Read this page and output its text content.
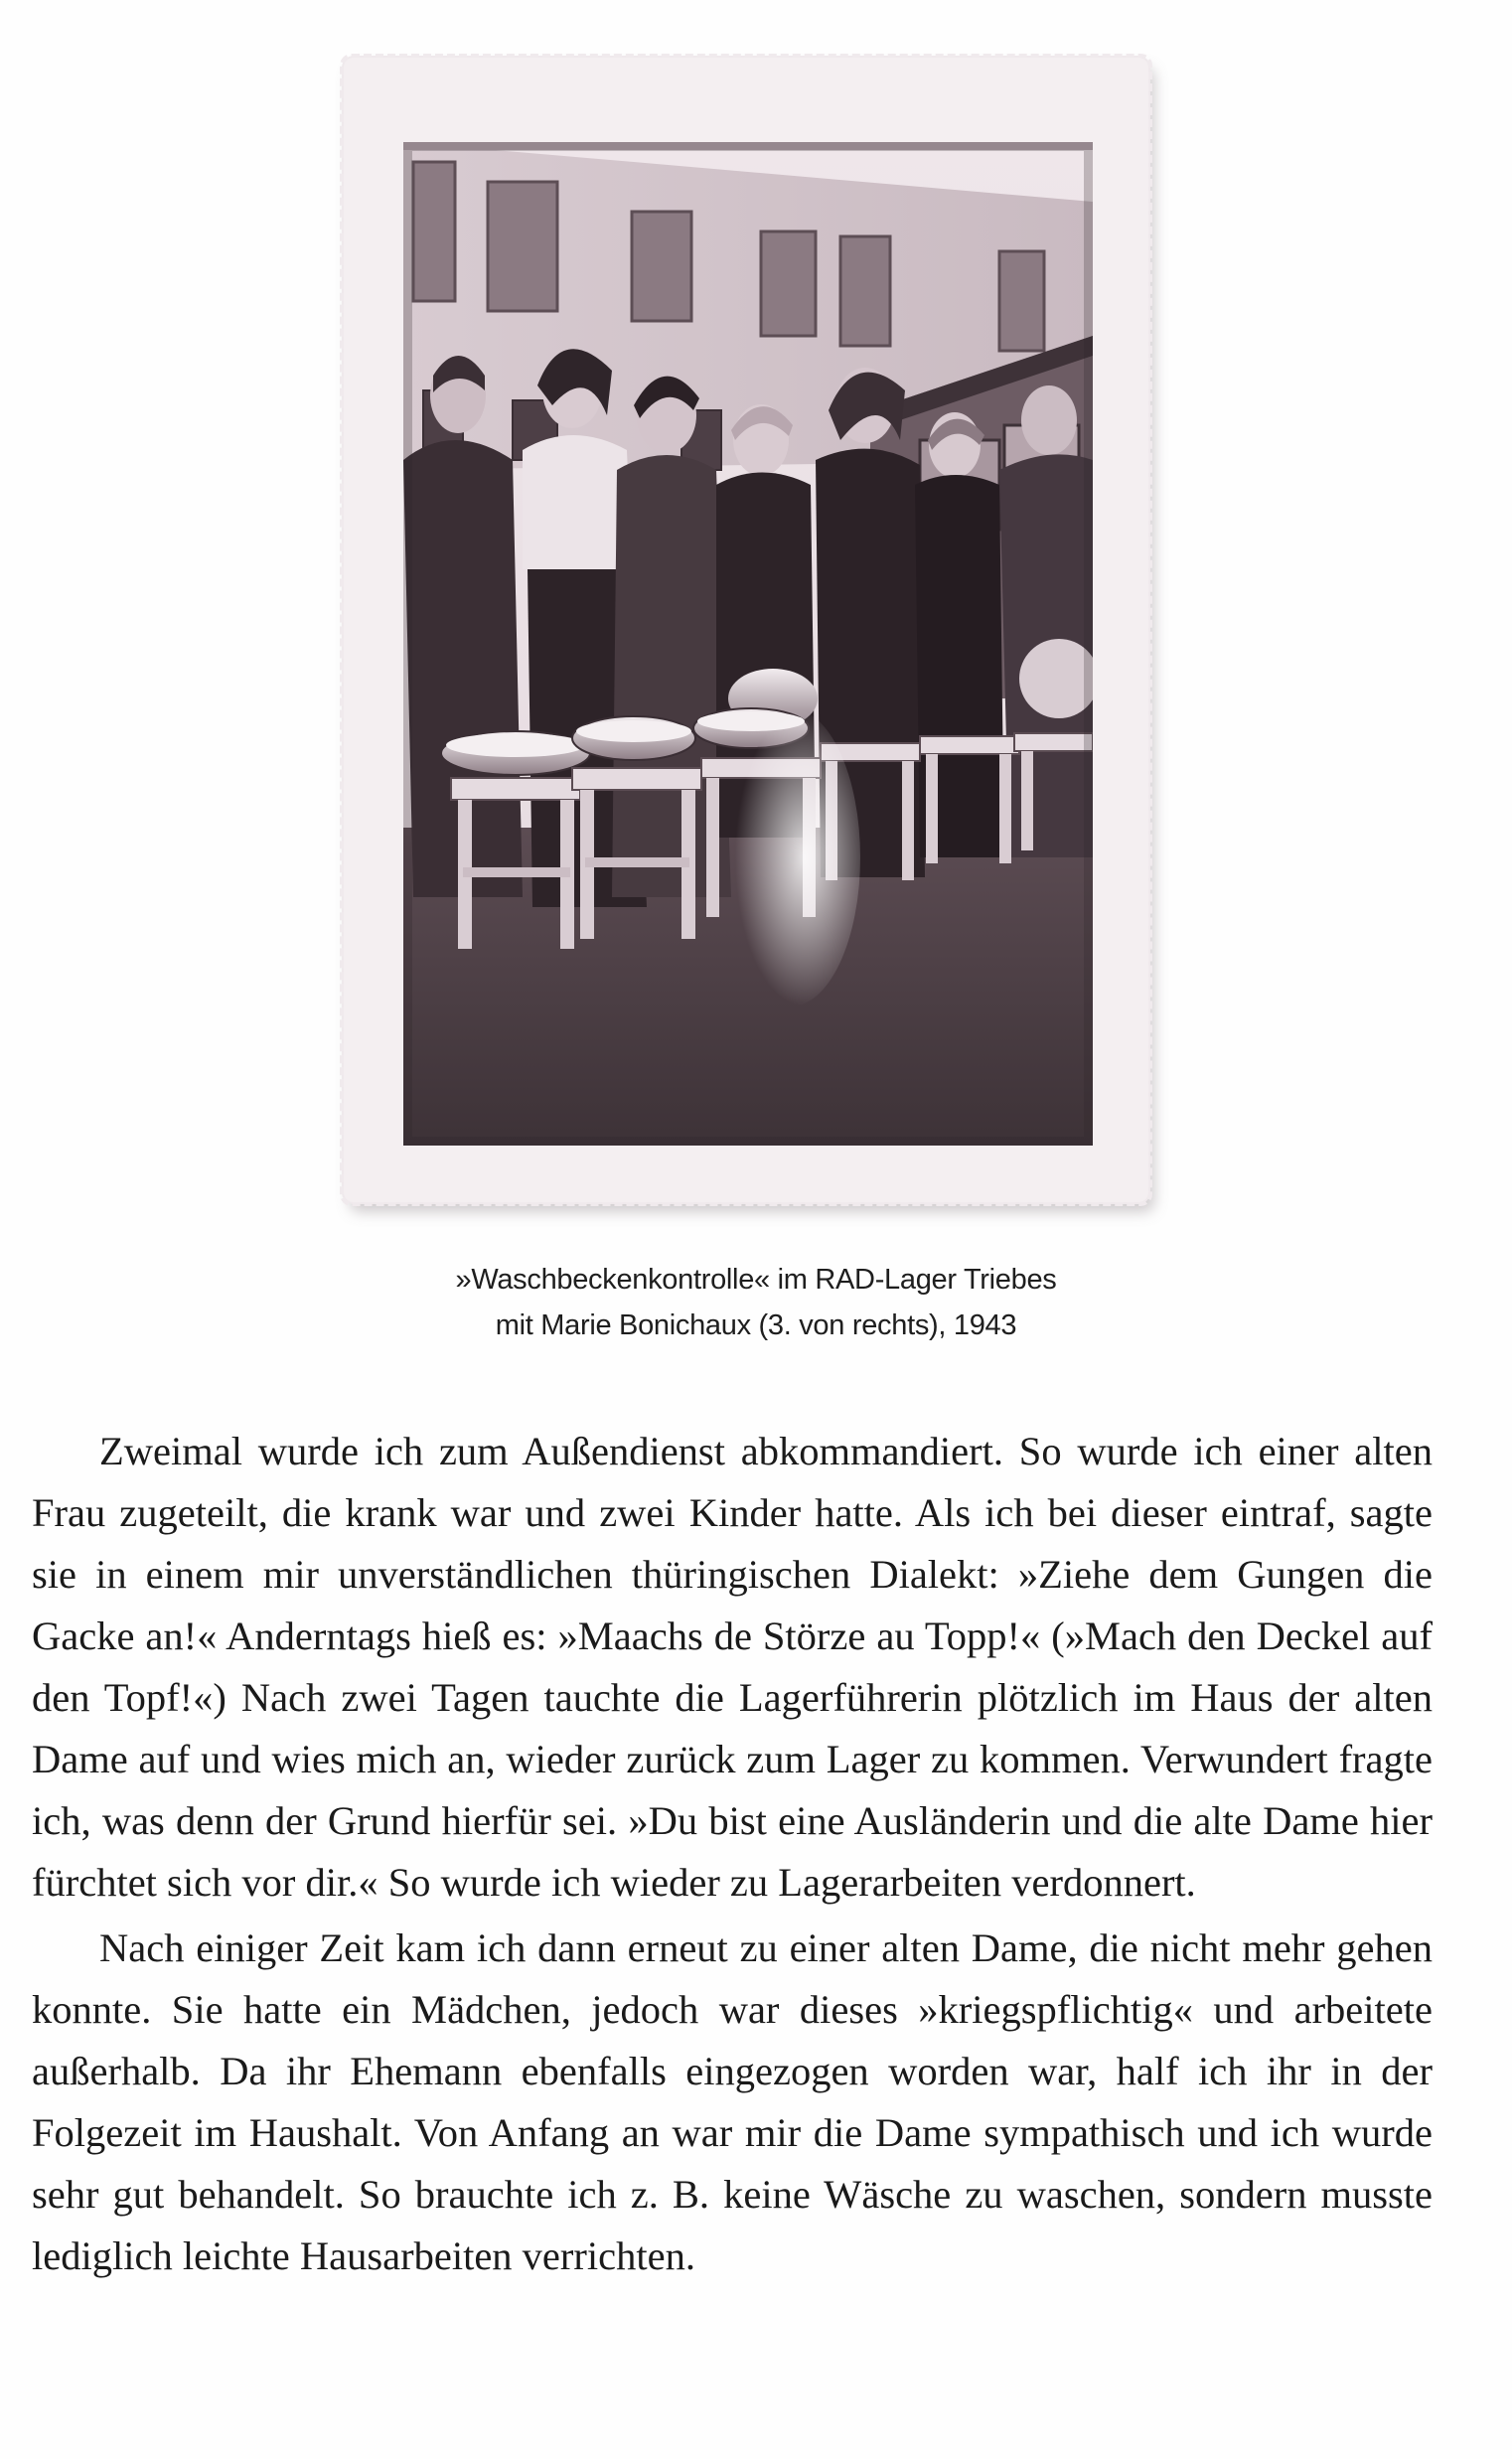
»Waschbeckenkontrolle« im RAD-Lager Triebes
mit Marie Bonichaux (3. von rechts), 1943

Zweimal wurde ich zum Außendienst abkommandiert. So wurde ich einer alten Frau zugeteilt, die krank war und zwei Kinder hatte. Als ich bei dieser eintraf, sagte sie in einem mir unverständlichen thüringischen Dialekt: »Ziehe dem Gungen die Gacke an!« Anderntags hieß es: »Maachs de Störze au Topp!« (»Mach den Deckel auf den Topf!«) Nach zwei Tagen tauchte die Lagerführerin plötzlich im Haus der alten Dame auf und wies mich an, wieder zurück zum Lager zu kommen. Verwundert fragte ich, was denn der Grund hierfür sei. »Du bist eine Ausländerin und die alte Dame hier fürchtet sich vor dir.« So wurde ich wieder zu Lagerarbeiten verdonnert.

Nach einiger Zeit kam ich dann erneut zu einer alten Dame, die nicht mehr gehen konnte. Sie hatte ein Mädchen, jedoch war dieses »kriegspflichtig« und arbeitete außerhalb. Da ihr Ehemann ebenfalls eingezogen worden war, half ich ihr in der Folgezeit im Haushalt. Von Anfang an war mir die Dame sympathisch und ich wurde sehr gut behandelt. So brauchte ich z. B. keine Wäsche zu waschen, sondern musste lediglich leichte Hausarbeiten verrichten.
